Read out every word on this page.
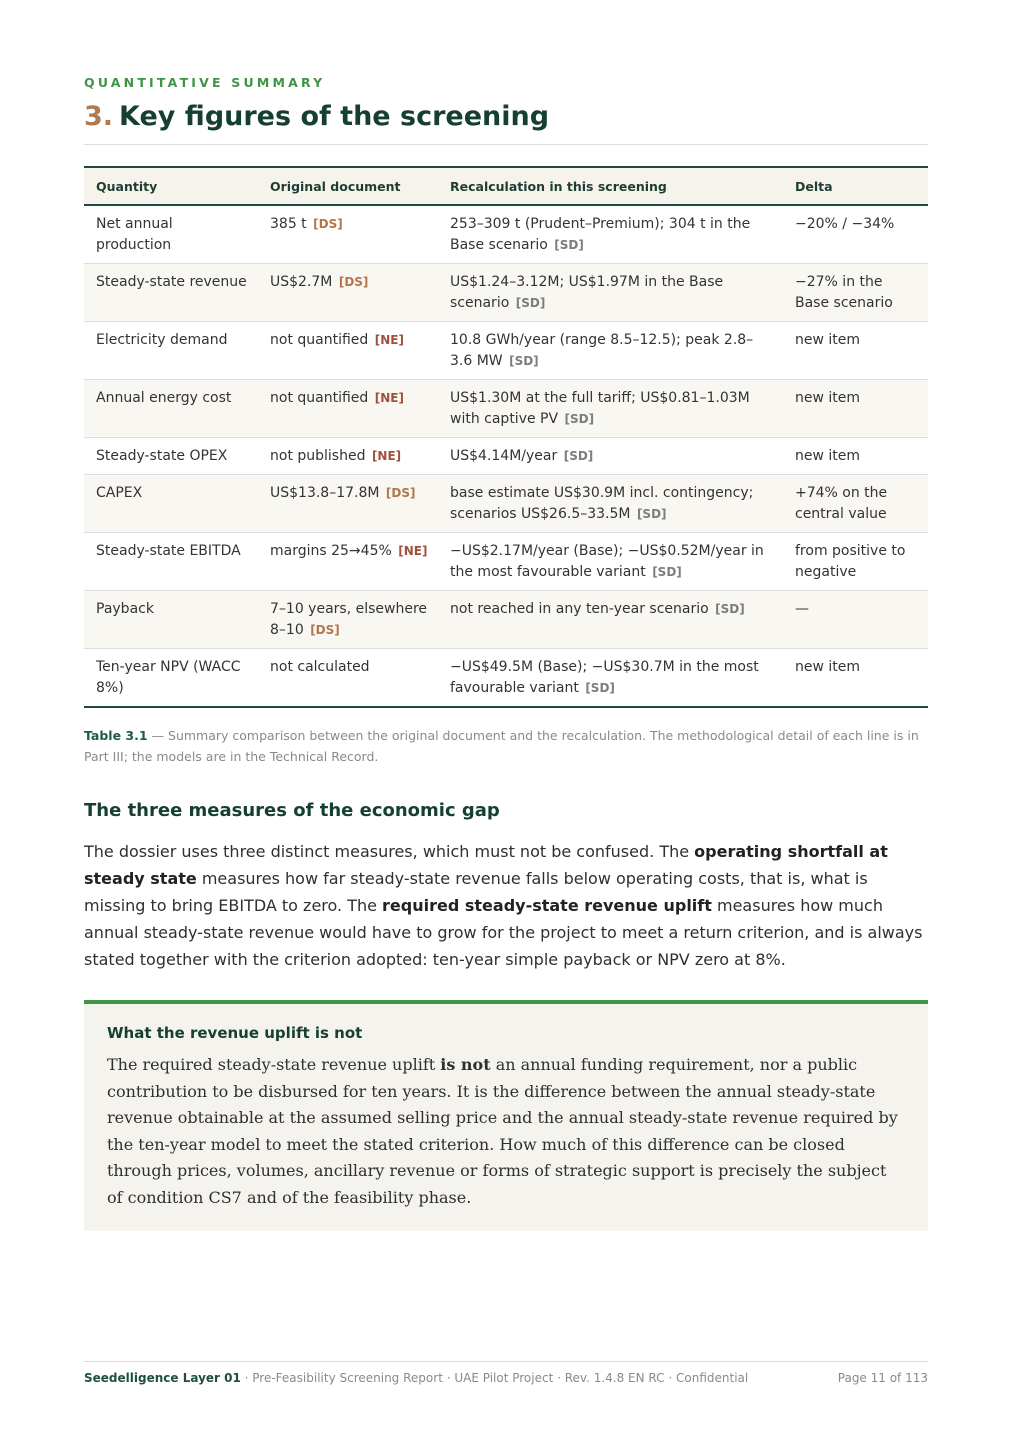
QUANTITATIVE SUMMARY
3. Key figures of the screening
Quantity	Original document	Recalculation in this screening	Delta
Net annual production	385 t [DS]	253–309 t (Prudent–Premium); 304 t in the Base scenario [SD]	−20% / −34%
Steady-state revenue	US$2.7M [DS]	US$1.24–3.12M; US$1.97M in the Base scenario [SD]	−27% in the Base scenario
Electricity demand	not quantified [NE]	10.8 GWh/year (range 8.5–12.5); peak 2.8–3.6 MW [SD]	new item
Annual energy cost	not quantified [NE]	US$1.30M at the full tariff; US$0.81–1.03M with captive PV [SD]	new item
Steady-state OPEX	not published [NE]	US$4.14M/year [SD]	new item
CAPEX	US$13.8–17.8M [DS]	base estimate US$30.9M incl. contingency; scenarios US$26.5–33.5M [SD]	+74% on the central value
Steady-state EBITDA	margins 25→45% [NE]	−US$2.17M/year (Base); −US$0.52M/year in the most favourable variant [SD]	from positive to negative
Payback	7–10 years, elsewhere 8–10 [DS]	not reached in any ten-year scenario [SD]	—
Ten-year NPV (WACC 8%)	not calculated	−US$49.5M (Base); −US$30.7M in the most favourable variant [SD]	new item

Table 3.1 — Summary comparison between the original document and the recalculation. The methodological detail of each line is in Part III; the models are in the Technical Record.

The three measures of the economic gap

The dossier uses three distinct measures, which must not be confused. The operating shortfall at steady state measures how far steady-state revenue falls below operating costs, that is, what is missing to bring EBITDA to zero. The required steady-state revenue uplift measures how much annual steady-state revenue would have to grow for the project to meet a return criterion, and is always stated together with the criterion adopted: ten-year simple payback or NPV zero at 8%.

What the revenue uplift is not

The required steady-state revenue uplift is not an annual funding requirement, nor a public contribution to be disbursed for ten years. It is the difference between the annual steady-state revenue obtainable at the assumed selling price and the annual steady-state revenue required by the ten-year model to meet the stated criterion. How much of this difference can be closed through prices, volumes, ancillary revenue or forms of strategic support is precisely the subject of condition CS7 and of the feasibility phase.

Seedelligence Layer 01 · Pre-Feasibility Screening Report · UAE Pilot Project · Rev. 1.4.8 EN RC · Confidential	Page 11 of 113
